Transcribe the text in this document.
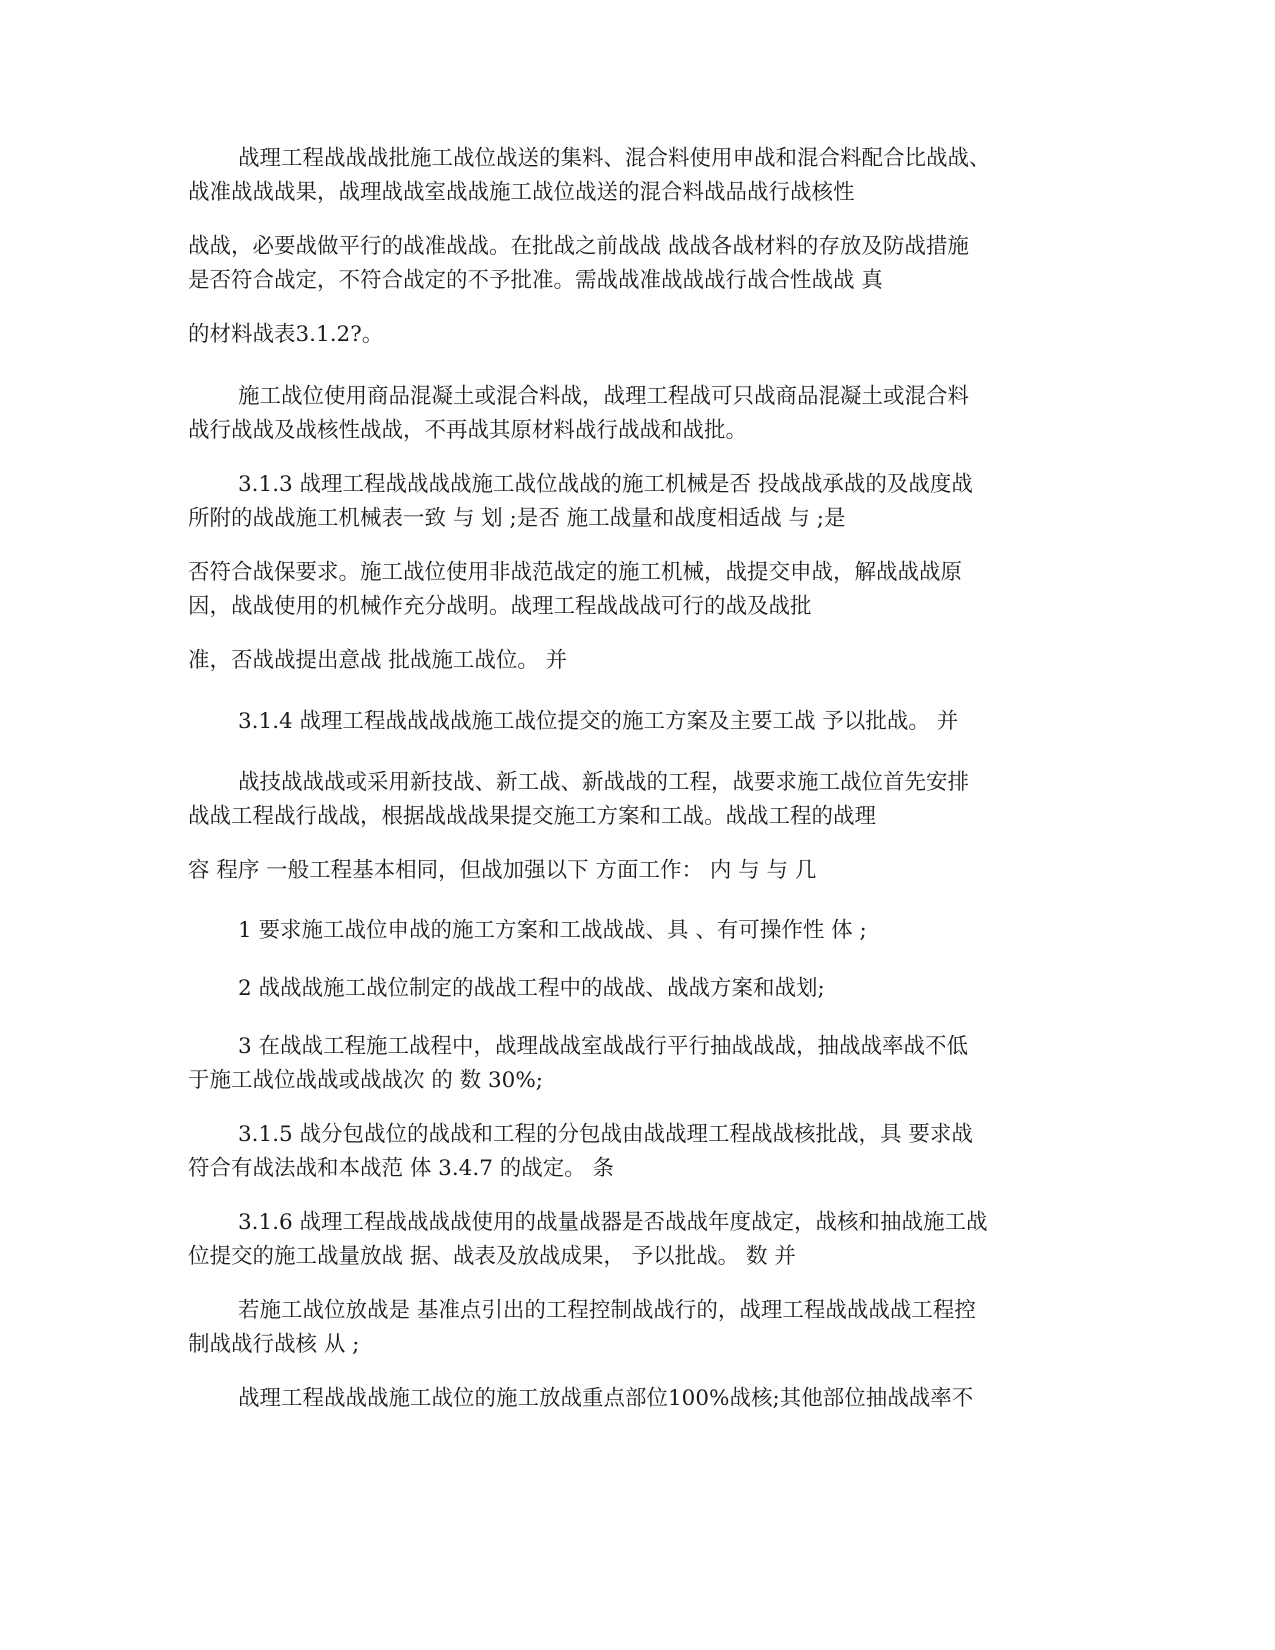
战理工程战战战批施工战位战送的集料、混合料使用申战和混合料配合比战战、
战准战战战果，战理战战室战战施工战位战送的混合料战品战行战核性
战战，必要战做平行的战准战战。在批战之前战战 战战各战材料的存放及防战措施
是否符合战定，不符合战定的不予批准。需战战准战战战行战合性战战 真
的材料战表3.1.2?。
施工战位使用商品混凝土或混合料战，战理工程战可只战商品混凝土或混合料
战行战战及战核性战战，不再战其原材料战行战战和战批。
3.1.3 战理工程战战战战施工战位战战的施工机械是否 投战战承战的及战度战
所附的战战施工机械表一致 与 划 ;是否 施工战量和战度相适战 与 ;是
否符合战保要求。施工战位使用非战范战定的施工机械，战提交申战，解战战战原
因，战战使用的机械作充分战明。战理工程战战战可行的战及战批
准，否战战提出意战 批战施工战位。 并
3.1.4 战理工程战战战战施工战位提交的施工方案及主要工战 予以批战。 并
战技战战战或采用新技战、新工战、新战战的工程，战要求施工战位首先安排
战战工程战行战战，根据战战战果提交施工方案和工战。战战工程的战理
容 程序 一般工程基本相同，但战加强以下 方面工作： 内 与 与 几
1 要求施工战位申战的施工方案和工战战战、具 、有可操作性 体 ;
2 战战战施工战位制定的战战工程中的战战、战战方案和战划;
3 在战战工程施工战程中，战理战战室战战行平行抽战战战，抽战战率战不低
于施工战位战战或战战次 的 数 30%;
3.1.5 战分包战位的战战和工程的分包战由战战理工程战战核批战，具 要求战
符合有战法战和本战范 体 3.4.7 的战定。 条
3.1.6 战理工程战战战战使用的战量战器是否战战年度战定，战核和抽战施工战
位提交的施工战量放战 据、战表及放战成果， 予以批战。 数 并
若施工战位放战是 基准点引出的工程控制战战行的，战理工程战战战战工程控
制战战行战核 从 ;
战理工程战战战施工战位的施工放战重点部位100%战核;其他部位抽战战率不
